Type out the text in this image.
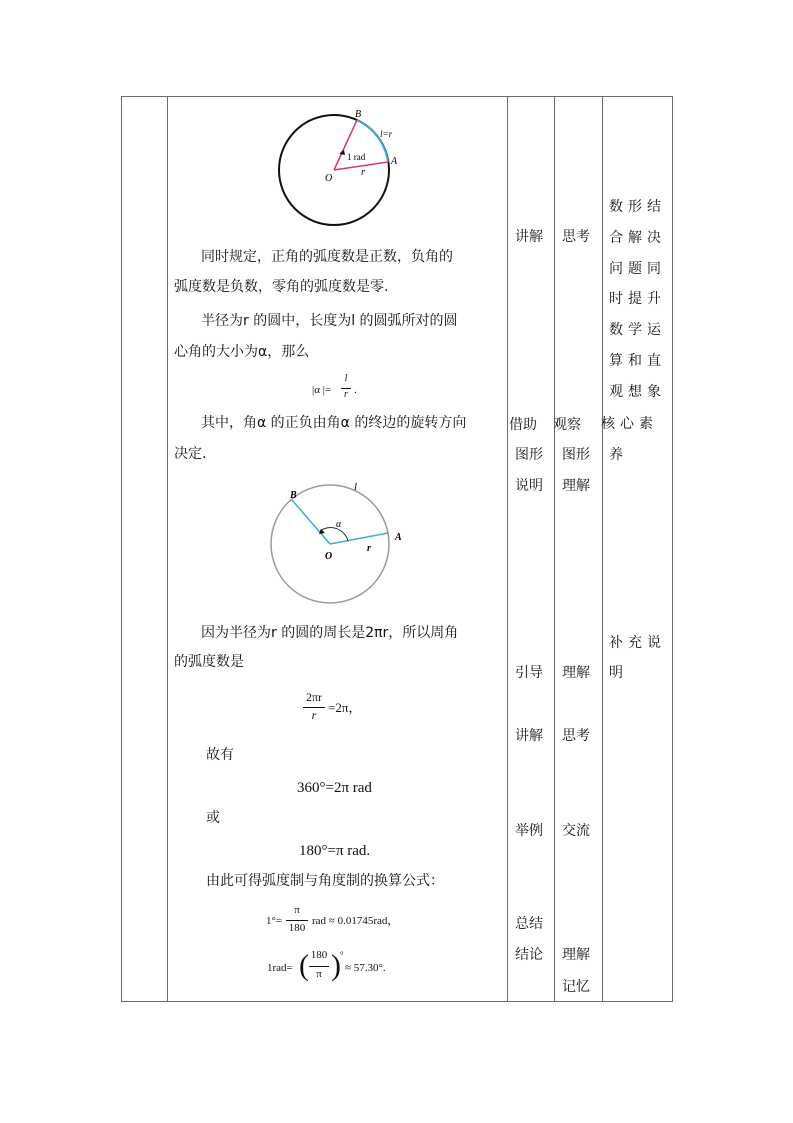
B
l=r
1 rad	A
O
r
同时规定，正角的弧度数是正数，负角的
弧度数是负数，零角的弧度数是零.
半径为r 的圆中，长度为l 的圆弧所对的圆
心角的大小为α，那么
|α |=
l
r .
其中，角α 的正负由角α 的终边的旋转方向
决定.
B
l
α
A
O
r
因为半径为r 的圆的周长是2πr，所以周角
的弧度数是
2πr
r =2π，
故有
360°=2π rad
或
180°=π rad.
由此可得弧度制与角度制的换算公式：
1°=
π
180
rad ≈ 0.01745rad，
1rad= ( 180
π ) °
≈ 57.30°.
讲解
借助
图形
说明
引导
讲解
举例
总结
结论
思考
观察
图形
理解
理解
思考
交流
理解
记忆
数形结
合解决
问题同
时提升
数学运
算和直
观想象
核心素
养
补充说
明
